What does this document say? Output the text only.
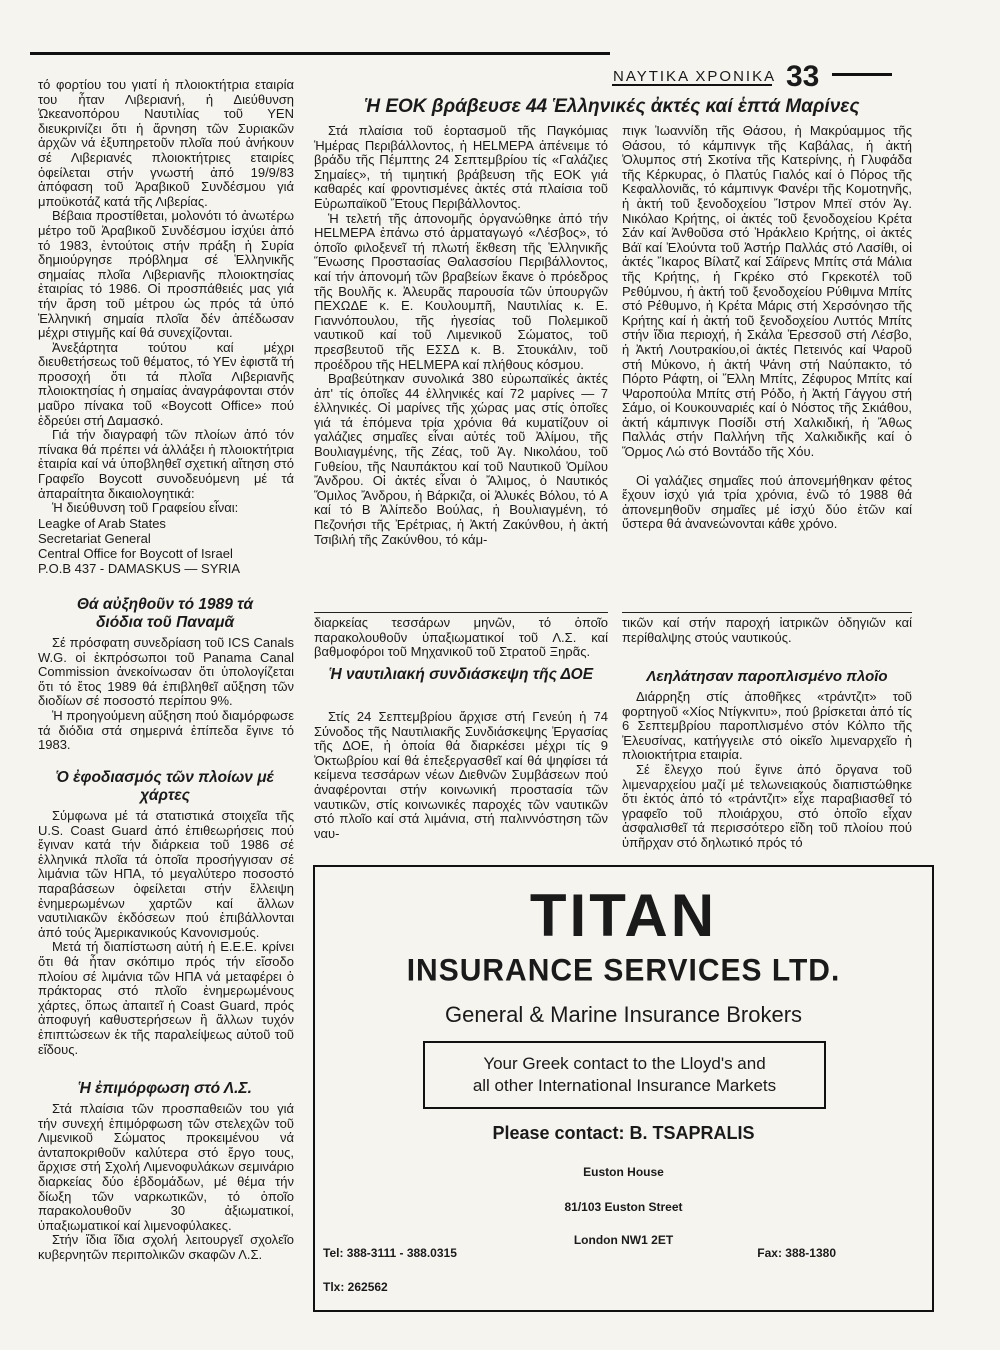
ΝΑΥΤΙΚΑ ΧΡΟΝΙΚΑ 33

τό φορτίου του γιατί ἡ πλοιοκτήτρια εταιρία του ἦταν Λιβεριανή, ἡ Διεύθυνση Ὠκεανοπόρου Ναυτιλίας τοῦ ΥΕΝ διευκρινίζει ὅτι ἡ ἄρνηση τῶν Συριακῶν ἀρχῶν νά ἐξυπηρετοῦν πλοῖα πού ἀνήκουν σέ Λιβεριανές πλοιοκτήτριες εταιρίες ὀφείλεται στήν γνωστή ἀπό 19/9/83 ἀπόφαση τοῦ Ἀραβικοῦ Συνδέσμου γιά μποϋκοτάζ κατά τῆς Λιβερίας.

Βέβαια προστίθεται, μολονότι τό ἀνωτέρω μέτρο τοῦ Ἀραβικοῦ Συνδέσμου ἰσχύει ἀπό τό 1983, ἐντούτοις στήν πράξη ἡ Συρία δημιούργησε πρόβλημα σέ Ἑλληνικῆς σημαίας πλοῖα Λιβεριανῆς πλοιοκτησίας ἐταιρίας τό 1986. Οἱ προσπάθειές μας γιά τήν ἄρση τοῦ μέτρου ὡς πρός τά ὑπό Ἑλληνική σημαία πλοῖα δέν ἀπέδωσαν μέχρι στιγμῆς καί θά συνεχίζονται.

Ἀνεξάρτητα τούτου καί μέχρι διευθετήσεως τοῦ θέματος, τό ΥΕν ἐφιστᾶ τή προσοχή ὅτι τά πλοῖα Λιβεριανῆς πλοιοκτησίας ἡ σημαίας ἀναγράφονται στόν μαῦρο πίνακα τοῦ «Boycott Office» πού ἑδρεύει στή Δαμασκό.

Γιά τήν διαγραφή τῶν πλοίων ἀπό τόν πίνακα θά πρέπει νά ἀλλάξει ἡ πλοιοκτήτρια ἐταιρία καί νά ὑποβληθεῖ σχετική αἴτηση στό Γραφεῖο Boycott συνοδευόμενη μέ τά ἀπαραίτητα δικαιολογητικά:

Ἡ διεύθυνση τοῦ Γραφείου εἶναι:

Leagke of Arab States

Secretariat General

Central Office for Boycott of Israel

P.O.B 437 - DAMASKUS — SYRIA

Θά αὐξηθοῦν τό 1989 τά διόδια τοῦ Παναμᾶ

Σέ πρόσφατη συνεδρίαση τοῦ ICS Canals W.G. οἱ ἐκπρόσωποι τοῦ Panama Canal Commission ἀνεκοίνωσαν ὅτι ὑπολογίζεται ὅτι τό ἔτος 1989 θά ἐπιβληθεῖ αὔξηση τῶν διοδίων σέ ποσοστό περίπου 9%.

Ἡ προηγούμενη αὔξηση πού διαμόρφωσε τά διόδια στά σημερινά ἐπίπεδα ἔγινε τό 1983.

Ὁ ἐφοδιασμός τῶν πλοίων μέ χάρτες

Σύμφωνα μέ τά στατιστικά στοιχεῖα τῆς U.S. Coast Guard ἀπό ἐπιθεωρήσεις πού ἔγιναν κατά τήν διάρκεια τοῦ 1986 σέ ἑλληνικά πλοῖα τά ὁποῖα προσήγγισαν σέ λιμάνια τῶν ΗΠΑ, τό μεγαλύτερο ποσοστό παραβάσεων ὀφείλεται στήν ἔλλειψη ἐνημερωμένων χαρτῶν καί ἄλλων ναυτιλιακῶν ἐκδόσεων πού ἐπιβάλλονται ἀπό τούς Ἀμερικανικούς Κανονισμούς.

Μετά τή διαπίστωση αὐτή ἡ Ε.Ε.Ε. κρίνει ὅτι θά ἦταν σκόπιμο πρός τήν εἴσοδο πλοίου σέ λιμάνια τῶν ΗΠΑ νά μεταφέρει ὁ πράκτορας στό πλοῖο ἐνημερωμένους χάρτες, ὅπως ἀπαιτεῖ ἡ Coast Guard, πρός ἀποφυγή καθυστερήσεων ἢ ἄλλων τυχόν ἐπιπτώσεων ἐκ τῆς παραλείψεως αὐτοῦ τοῦ εἴδους.

Ἡ ἐπιμόρφωση στό Λ.Σ.

Στά πλαίσια τῶν προσπαθειῶν του γιά τήν συνεχή ἐπιμόρφωση τῶν στελεχῶν τοῦ Λιμενικοῦ Σώματος προκειμένου νά ἀνταποκριθοῦν καλύτερα στό ἔργο τους, ἄρχισε στή Σχολή Λιμενοφυλάκων σεμινάριο διαρκείας δύο ἑβδομάδων, μέ θέμα τήν δίωξη τῶν ναρκωτικῶν, τό ὁποῖο παρακολουθοῦν 30 ἀξιωματικοί, ὑπαξιωματικοί καί λιμενοφύλακες.

Στήν ἴδια ἴδια σχολή λειτουργεῖ σχολεῖο κυβερνητῶν περιπολικῶν σκαφῶν Λ.Σ.

Ἡ ΕΟΚ βράβευσε 44 Ἑλληνικές ἀκτές καί ἑπτά Μαρίνες

Στά πλαίσια τοῦ ἑορτασμοῦ τῆς Παγκόμιας Ἡμέρας Περιβάλλοντος, ἡ HELMEPA ἀπένειμε τό βράδυ τῆς Πέμπτης 24 Σεπτεμβρίου τίς «Γαλάζιες Σημαίες», τή τιμητική βράβευση τῆς ΕΟΚ γιά καθαρές καί φροντισμένες ἀκτές στά πλαίσια τοῦ Εὐρωπαϊκοῦ Ἔτους Περιβάλλοντος.

Ἡ τελετή τῆς ἀπονομῆς ὀργανώθηκε ἀπό τήν HELMEPA ἐπάνω στό ἀρματαγωγό «Λέσβος», τό ὁποῖο φιλοξενεῖ τή πλωτή ἔκθεση τῆς Ἑλληνικῆς Ἕνωσης Προστασίας Θαλασσίου Περιβάλλοντος, καί τήν ἀπονομή τῶν βραβείων ἔκανε ὁ πρόεδρος τῆς Βουλῆς κ. Ἀλευρᾶς παρουσία τῶν ὑπουργῶν ΠΕΧΩΔΕ κ. Ε. Κουλουμπῆ, Ναυτιλίας κ. Ε. Γιαννόπουλου, τῆς ἡγεσίας τοῦ Πολεμικοῦ ναυτικοῦ καί τοῦ Λιμενικοῦ Σώματος, τοῦ πρεσβευτοῦ τῆς ΕΣΣΔ κ. Β. Στουκάλιν, τοῦ προέδρου τῆς HELMEPA καί πλήθους κόσμου.

Βραβεύτηκαν συνολικά 380 εὐρωπαϊκές ἀκτές ἀπ' τίς ὁποῖες 44 ἑλληνικές καί 72 μαρίνες — 7 ἑλληνικές. Οἱ μαρίνες τῆς χώρας μας στίς ὁποῖες γιά τά ἑπόμενα τρία χρόνια θά κυματίζουν οἱ γαλάζιες σημαῖες εἶναι αὐτές τοῦ Ἀλίμου, τῆς Βουλιαγμένης, τῆς Ζέας, τοῦ Ἀγ. Νικολάου, τοῦ Γυθείου, τῆς Ναυπάκτου καί τοῦ Ναυτικοῦ Ὀμίλου Ἄνδρου. Οἱ ἀκτές εἶναι ὁ Ἄλιμος, ὁ Ναυτικός Ὅμιλος Ἄνδρου, ἡ Βάρκιζα, οἱ Ἀλυκές Βόλου, τό Α καί τό Β Ἀλίπεδο Βούλας, ἡ Βουλιαγμένη, τό Πεζονήσι τῆς Ἐρέτριας, ἡ Ἀκτή Ζακύνθου, ἡ ἀκτή Τσιβιλή τῆς Ζακύνθου, τό κάμ-

διαρκείας τεσσάρων μηνῶν, τό ὁποῖο παρακολουθοῦν ὑπαξιωματικοί τοῦ Λ.Σ. καί βαθμοφόροι τοῦ Μηχανικοῦ τοῦ Στρατοῦ Ξηρᾶς.

Ἡ ναυτιλιακή συνδιάσκεψη τῆς ΔΟΕ

Στίς 24 Σεπτεμβρίου ἄρχισε στή Γενεύη ἡ 74 Σύνοδος τῆς Ναυτιλιακῆς Συνδιάσκεψης Ἐργασίας τῆς ΔΟΕ, ἡ ὁποία θά διαρκέσει μέχρι τίς 9 Ὀκτωβρίου καί θά ἐπεξεργασθεῖ καί θά ψηφίσει τά κείμενα τεσσάρων νέων Διεθνῶν Συμβάσεων πού ἀναφέρονται στήν κοινωνική προστασία τῶν ναυτικῶν, στίς κοινωνικές παροχές τῶν ναυτικῶν στό πλοῖο καί στά λιμάνια, στή παλιννόστηση τῶν ναυ-

πιγκ Ἰωαννίδη τῆς Θάσου, ἡ Μακρύαμμος τῆς Θάσου, τό κάμπινγκ τῆς Καβάλας, ἡ ἀκτή Ὀλυμπος στή Σκοτίνα τῆς Κατερίνης, ἡ Γλυφάδα τῆς Κέρκυρας, ὁ Πλατύς Γιαλός καί ὁ Πόρος τῆς Κεφαλλονιᾶς, τό κάμπινγκ Φανέρι τῆς Κομοτηνῆς, ἡ ἀκτή τοῦ ξενοδοχείου Ἴστρον Μπεϊ στόν Ἀγ. Νικόλαο Κρήτης, οἱ ἀκτές τοῦ ξενοδοχείου Κρέτα Σάν καί Ἀνθοῦσα στό Ἡράκλειο Κρήτης, οἱ ἀκτές Βάϊ καί Ἐλούντα τοῦ Ἀστήρ Παλλάς στό Λασίθι, οἱ ἀκτές Ἴκαρος Βίλατζ καί Σάϊρενς Μπίτς στά Μάλια τῆς Κρήτης, ἡ Γκρέκο στό Γκρεκοτέλ τοῦ Ρεθύμνου, ἡ ἀκτή τοῦ ξενοδοχείου Ρύθιμνα Μπίτς στό Ρέθυμνο, ἡ Κρέτα Μάρις στή Χερσόνησο τῆς Κρήτης καί ἡ ἀκτή τοῦ ξενοδοχείου Λυττός Μπίτς στήν ἴδια περιοχή, ἡ Σκάλα Ἐρεσσοῦ στή Λέσβο, ἡ Ἀκτή Λουτρακίου,οἱ ἀκτές Πετεινός καί Ψαροῦ στή Μύκονο, ἡ ἀκτή Ψάνη στή Ναύπακτο, τό Πόρτο Ράφτη, οἱ Ἔλλη Μπίτς, Ζέφυρος Μπίτς καί Ψαροπούλα Μπίτς στή Ρόδο, ἡ Ἀκτή Γάγγου στή Σάμο, οἱ Κουκουναριές καί ὁ Νόστος τῆς Σκιάθου, ἀκτή κάμπινγκ Ποσίδι στή Χαλκιδική, ἡ Ἄθως Παλλάς στήν Παλλήνη τῆς Χαλκιδικῆς καί ὁ Ὅρμος Λώ στό Βοντάδο τῆς Χόυ.

Οἱ γαλάζιες σημαῖες πού ἀπονεμήθηκαν φέτος ἔχουν ἰσχύ γιά τρία χρόνια, ἐνῶ τό 1988 θά ἀπονεμηθοῦν σημαῖες μέ ἰσχύ δύο ἐτῶν καί ὕστερα θά ἀνανεώνονται κάθε χρόνο.

τικῶν καί στήν παροχή ἰατρικῶν ὁδηγιῶν καί περίθαλψης στούς ναυτικούς.

Λεηλάτησαν παροπλισμένο πλοῖο

Διάρρηξη στίς ἀποθῆκες «τράντζιτ» τοῦ φορτηγοῦ «Χίος Ντίγκνιτυ», πού βρίσκεται ἀπό τίς 6 Σεπτεμβρίου παροπλισμένο στόν Κόλπο τῆς Ἐλευσίνας, κατήγγειλε στό οἰκεῖο λιμεναρχεῖο ἡ πλοιοκτήτρια εταιρία.

Σέ ἔλεγχο πού ἔγινε ἀπό ὄργανα τοῦ λιμεναρχείου μαζί μέ τελωνειακούς διαπιστώθηκε ὅτι ἐκτός ἀπό τό «τράντζιτ» εἶχε παραβιασθεῖ τό γραφεῖο τοῦ πλοιάρχου, στό ὁποῖο εἶχαν ἀσφαλισθεῖ τά περισσότερο εἴδη τοῦ πλοίου πού ὑπῆρχαν στό δηλωτικό πρός τό

TITAN
INSURANCE SERVICES LTD.
General & Marine Insurance Brokers
Your Greek contact to the Lloyd's and
all other International Insurance Markets
Please contact: B. TSAPRALIS
Euston House
81/103 Euston Street
London NW1 2ET
Tel: 388-3111 - 388.0315	Fax: 388-1380
Tlx: 262562
